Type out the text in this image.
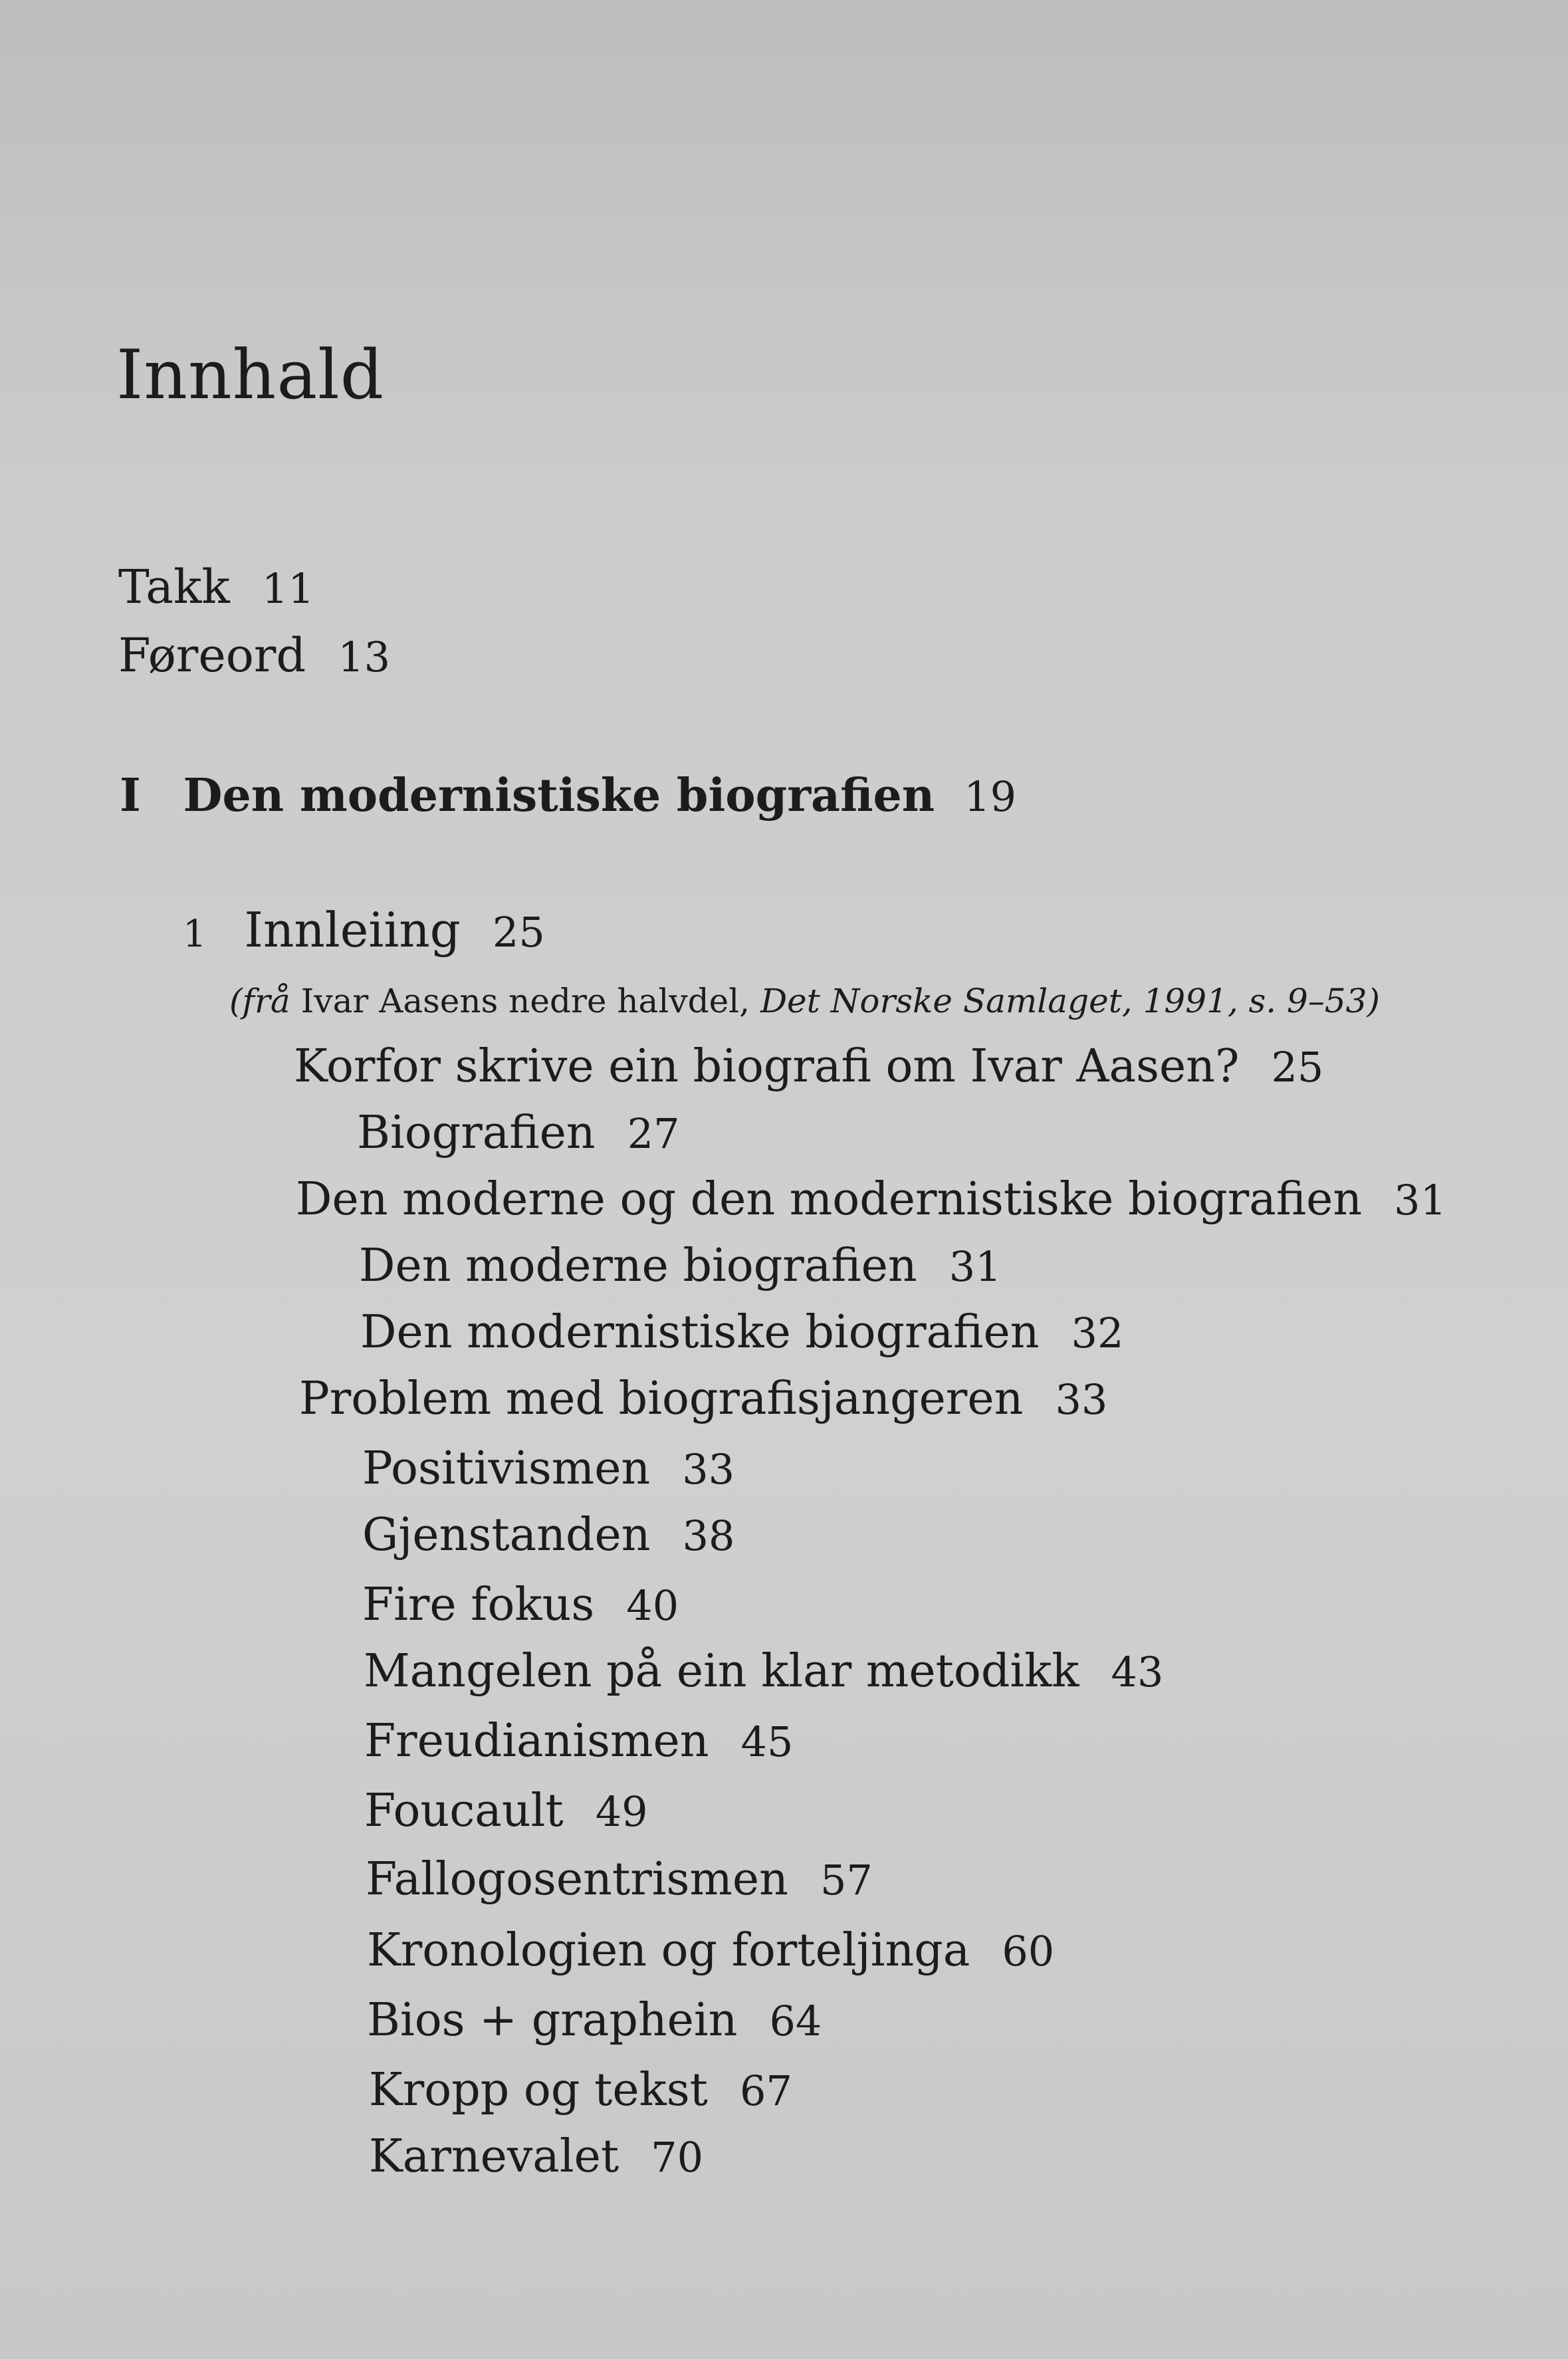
Innhald
Takk 11
Føreord 13
I Den modernistiske biografien 19
1 Innleiing 25
(frå Ivar Aasens nedre halvdel, Det Norske Samlaget, 1991, s. 9–53)
Korfor skrive ein biografi om Ivar Aasen? 25
Biografien 27
Den moderne og den modernistiske biografien 31
Den moderne biografien 31
Den modernistiske biografien 32
Problem med biografisjangeren 33
Positivismen 33
Gjenstanden 38
Fire fokus 40
Mangelen på ein klar metodikk 43
Freudianismen 45
Foucault 49
Fallogosentrismen 57
Kronologien og forteljinga 60
Bios + graphein 64
Kropp og tekst 67
Karnevalet 70
